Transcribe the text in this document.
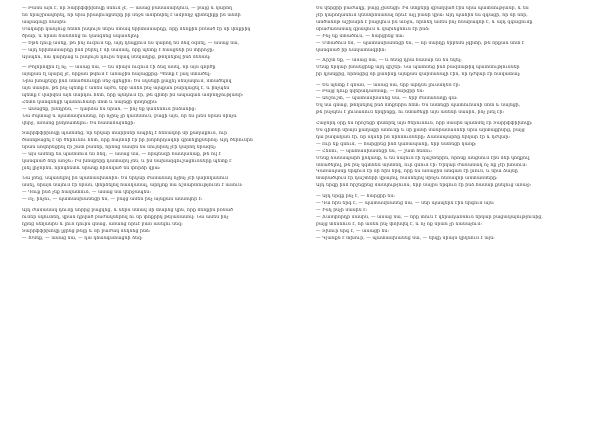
— Բանն այն է, որ Տարիֆֆիխովը մնում չէ, — ասաց բանասարկուն, — բայց և կարող
եմ երաշխավորել, որ նրա իրավունքները իր մեջն ամփոփել է ամբողջ գիտելիքը իմ անձի
ապագայի մասին։
Մակարի կանչուց հետո իսկույն ներս մտավ երիտասարդը, որը ձեռքին բռնած էր մի փոքրիկ
ծրար, և նրան հանձնեց ու կանգնեց սպասելով։
— Եթե դուք ասեք, թե ինչ ուզում եք, այդ դեպքում ես կարող եմ ձեզ օգնել, — ասաց նա,
— այդ երիտասարդը ինձ բերել է մի նամակ, որը պետք է հասցնեի իմ տիրոջը։
Այսպես, նա կարդաց և իսկույն դուրս եկավ սենյակից, թողնելով ինձ մենակ։
— Բոլորովին էլ ոչ, — ասաց նա, — ես միայն ուզում էի ձեզ ասել, որ այս գործը
այնքան էլ պարզ չէ, որքան թվում է առաջին հայացքից։ Պետք է լավ մտածել։
Նրա խոսքերը ինձ մտածմունքի մեջ գցեցին։ Ես սկսեցի քայլել սենյակում, մտածելով
այն մասին, թե ինչ պետք է անեմ այժմ, երբ ամեն ինչ այսքան բարդացել է, և ինչպես
պետք է վարվեմ այն մարդու հետ, որը պնդում էր, թե գիտի իմ ապագան ամբողջությամբ։
Հետո կանգնեցի պատուհանի մոտ և նայեցի փողոցին։
— Ասացեք, խնդրեմ, — դարձա ես նրան, — ինչ եք կամենում ինձանից։
Նա ժպտաց և պատասխանեց, որ ոչինչ չի կամենում, բացի այն, որ ես լսեմ նրան մինչև
վերջ, առանց ընդհատելու։ Ես համաձայնեցի։
Տարիֆֆիխովը պատմեց, որ երկար տարիներ ապրել է հեռավոր մի քաղաքում, ուր
ծանոթացել է մի ծերունու հետ, որը հայտնի էր իր խորհրդավոր գիտելիքներով։ Այդ ծերունին
նրան սովորեցրել էր շատ բաներ, որոնց մասին ես նույնիսկ չէի կարող երազել։
— Այս ամենը ես պատմում եմ ձեզ, — ասաց նա, — որպեսզի հասկանաք, թե ով է
կանգնած ձեր առջև։ Իմ խոսքերը դատարկ չեն, և իմ նախազգուշացումները պետք է
լսել լրջորեն, որովհետև նրանք հիմնված են փորձի վրա։
Նա լռեց, սպասելով իմ պատասխանին։ Ես երկար ժամանակ ոչինչ չէի կարողանում
ասել, միայն նայում էի նրան, փորձելով հասկանալ, արդյոք նա ճշմարտությունն է ասում։
— Դուք ինձ չեք հավատում, — ասաց նա վերջապես։
— Ոչ, ինչու, — պատասխանեցի ես, — բայց ամեն ինչ այնքան անսովոր է։
Այդ ժամանակ դուռը նորից բացվեց, և ներս մտավ մի տարեց կին, որը ձեռքին բռնած
ուներ սկուտեղ, վրան դրված բաժակներով ու մի փոքրիկ թեյամանով։ Նա ամեն ինչ
դրեց սեղանին և լուռ դուրս գնաց, առանց որևէ բառ ասելու մեզ։
Տարիֆֆիխովը լցրեց թեյը և մի բաժակ մեկնեց ինձ։
— Խմեք, — ասաց նա, — դա կհանգստացնի ձեզ։
Ես վերցրի բաժակը, բայց չխմեցի։ Իմ մտքերը զբաղված էին նրա պատմությամբ, և ես
չէի կարողանում կենտրոնանալ որևէ այլ բանի վրա։ Այդ պահին ես զգացի, որ մի նոր,
անծանոթ աշխարհ է բացվում իմ առջև, որտեղ ամեն ինչ հնարավոր է, և այդ զգացումը
միաժամանակ գրավում և վախեցնում էր ինձ։
— Ինչ եք մտածում, — հարցրեց նա։
— Մտածում եմ, — պատասխանեցի ես, — որ մարդը երբեմն չգիտի, թե որքան մոտ է
կանգնած իր ճակատագրին։
— Ճիշտ եք, — ասաց նա, — և հենց դրա համար եմ ես եկել։
Մենք երկար խոսեցինք այդ գիշեր։ Նա պատմեց ինձ բազմաթիվ պատմություններ
իր կյանքից, որոնցից մի քանիսը այնքան զարմանալի էին, որ դժվար էր հավատալ։
— Ես պետք է գնամ, — ասաց նա, երբ արդեն լուսադեմ էր։
— Բայց դուք կվերադառնաք, — հարցրի ես։
— Անշուշտ, — պատասխանեց նա, — երբ ժամանակը գա։
Եվ նա գնաց, թողնելով ինձ մտքերիս հետ։ Ես նստեցի պատուհանի մոտ և նայեցի,
թե ինչպես է լուսանում երկինքը, ու մտածեցի այն ամենի մասին, ինչ լսել էի։
Հաջորդ օրը ես որոշեցի փնտրել այն ծերունուն, որի մասին պատմել էր Տարիֆֆիխովը։
Ես գիտեի միայն քաղաքի անունը և մի քանի մանրամասներ նրա արտաքինից, բայց
դա բավական էր, որ սկսեի իմ որոնումները։ Ճանապարհը երկար էր և դժվար։
— Ուր եք գնում, — հարցրեց ինձ կառապանը, երբ նստեցի կառք։
— Հեռու, — պատասխանեցի ես, — շատ հեռու։
Մենք ճանապարհ ընկանք, և ես նայում էի դաշտերին, որոնք անցնում էին մեր կողքով,
մտածելով, թե ինչ կգտնեմ այնտեղ, ուր գնում էի։ Երկար ժամանակ ոչ ոք չէր խոսում։
Կառապանը երգում էր մի հին երգ, որը ես առաջին անգամ էի լսում, և նրա ձայնը
տարածվում էր դաշտերի վրայով, հասնելով մինչև հեռավոր անտառները։
Այդ երգը ինձ հիշեցրեց մանկությունս, երբ մայրս երգում էր ինձ համար քնելուց առաջ։
— Այդ երգը ինչ է, — հարցրի ես։
— Դա հին երգ է, — պատասխանեց նա, — մեր պապերն էին երգում այն։
— Իսկ ինչի մասին է։
— Ճամփորդի մասին, — ասաց նա, — որը տուն է վերադառնում երկար բացակայությունից,
բայց տեսնում է, որ ամեն ինչ փոխվել է, և ոչ ոք նրան չի ճանաչում։
— Տխուր երգ է, — ասացի ես։
— Կյանքն է տխուր, — պատասխանեց նա, — երգը միայն կրկնում է այն։
